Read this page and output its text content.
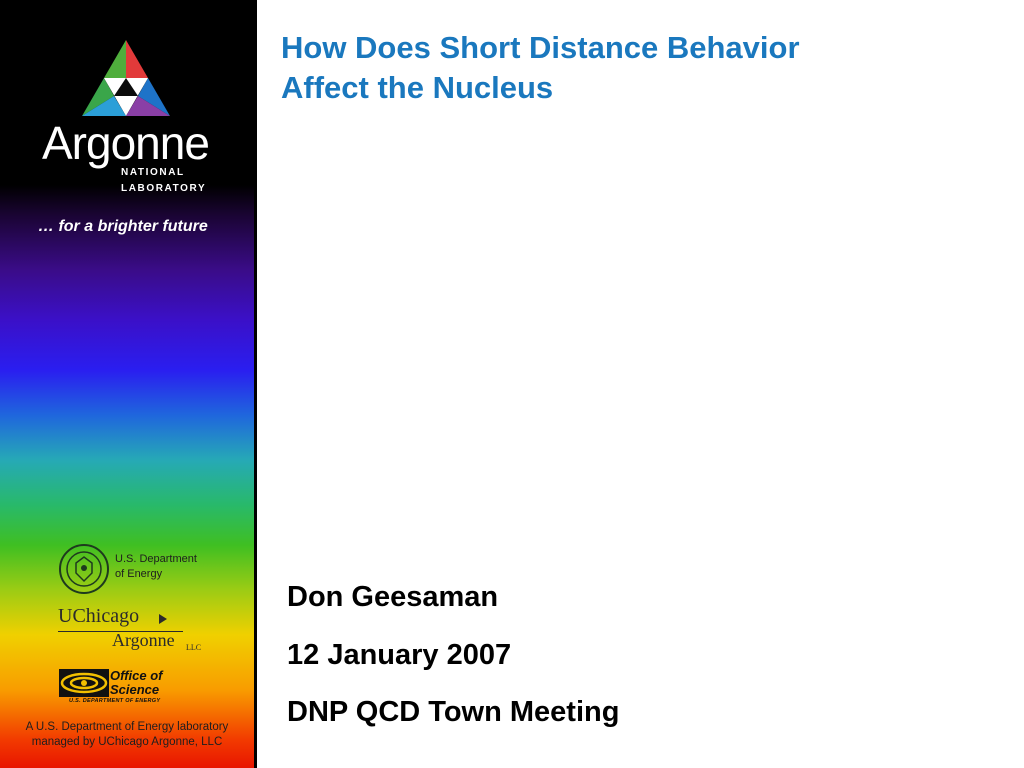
Argonne
NATIONAL
LABORATORY
… for a brighter future
U.S. Department
of Energy
UChicago
Argonne LLC
Office of
Science
U.S. DEPARTMENT OF ENERGY
A U.S. Department of Energy laboratory
managed by UChicago Argonne, LLC
How Does Short Distance Behavior
Affect the Nucleus
Don Geesaman
12 January 2007
DNP QCD Town Meeting
